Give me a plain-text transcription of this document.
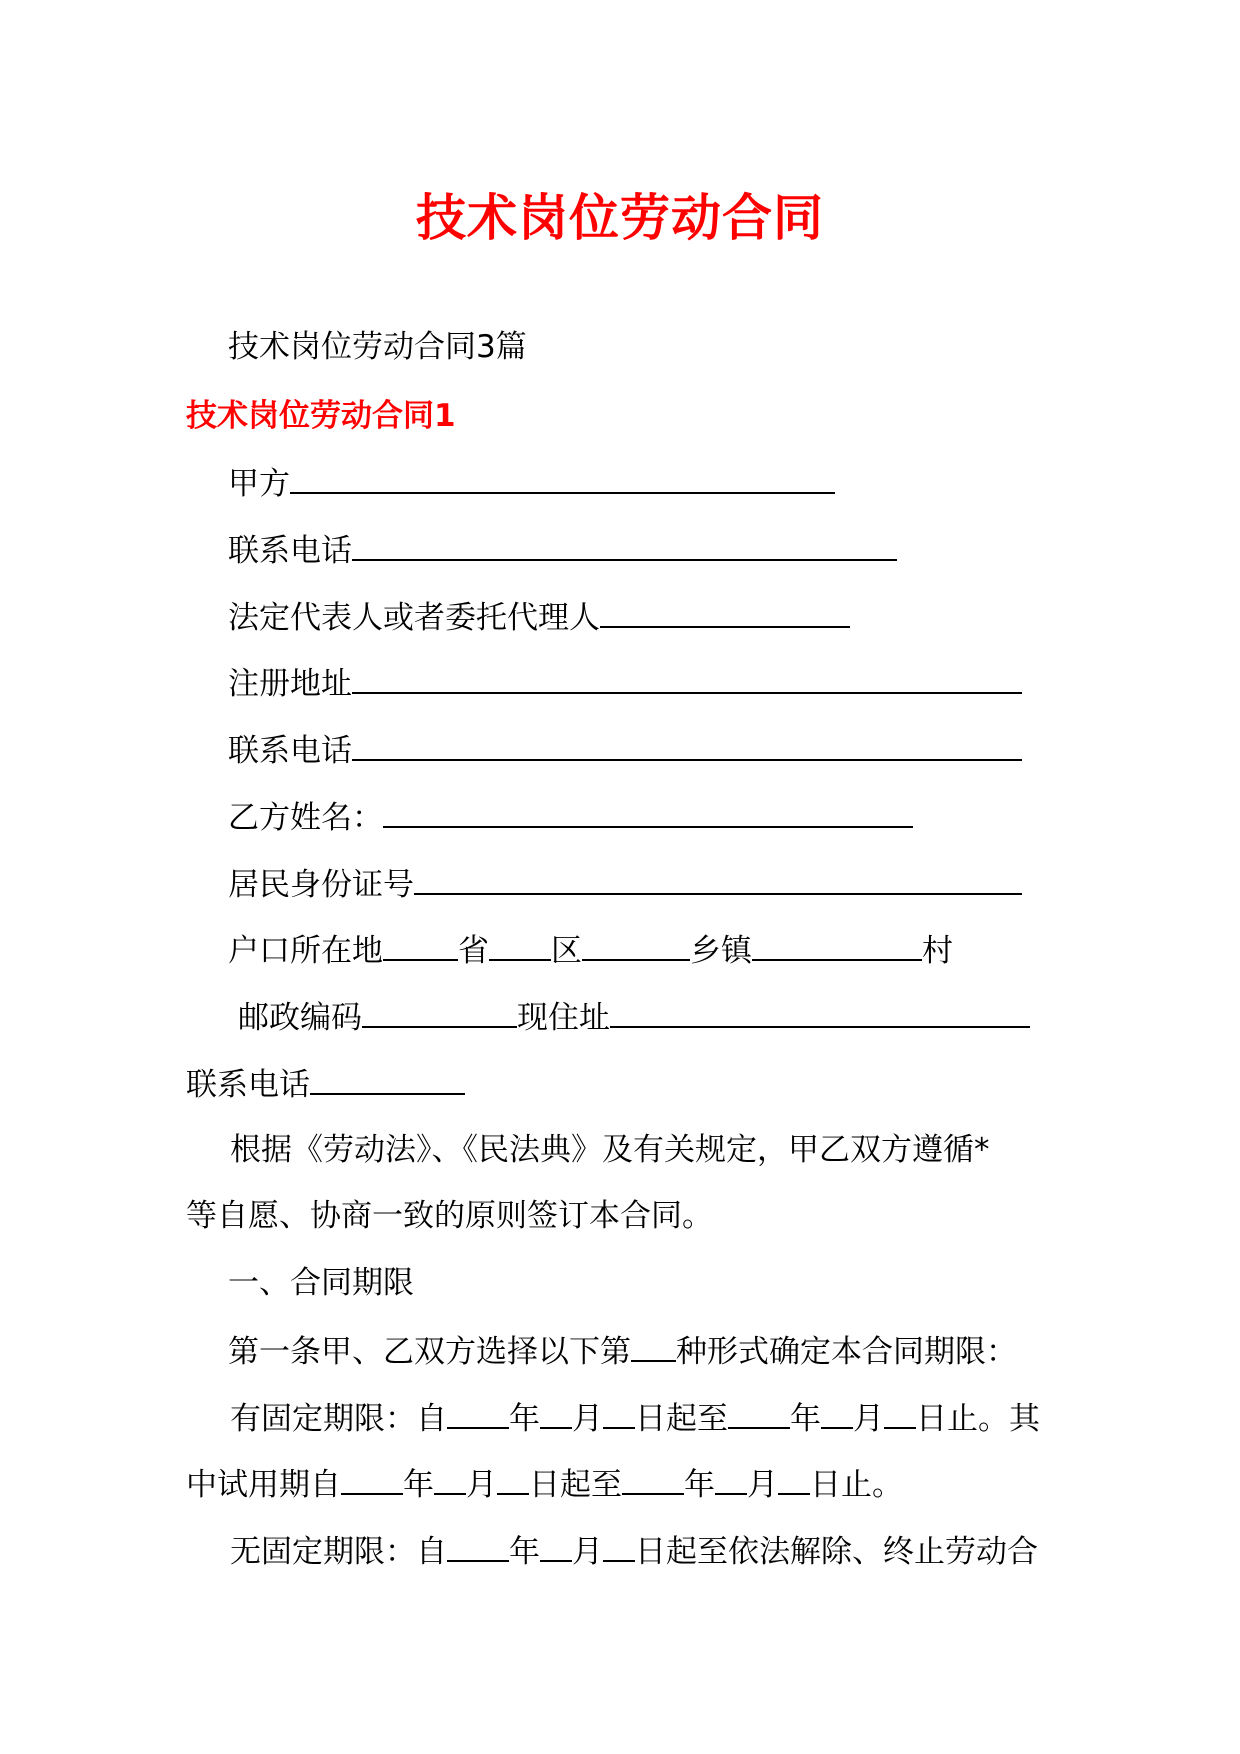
技术岗位劳动合同
技术岗位劳动合同3篇
技术岗位劳动合同1
甲方
联系电话
法定代表人或者委托代理人
注册地址
联系电话
乙方姓名：
居民身份证号
户口所在地 省 区	乡镇	村
邮政编码	现住址
联系电话
根据《劳动法》、《民法典》及有关规定，甲乙双方遵循*
等自愿、协商一致的原则签订本合同。
一、合同期限
第一条甲、乙双方选择以下第 种形式确定本合同期限：
有固定期限：自 年 月 日起至 年 月 日止。其
中试用期自 年 月 日起至 年 月 日止。
无固定期限：自 年 月 日起至依法解除、终止劳动合
